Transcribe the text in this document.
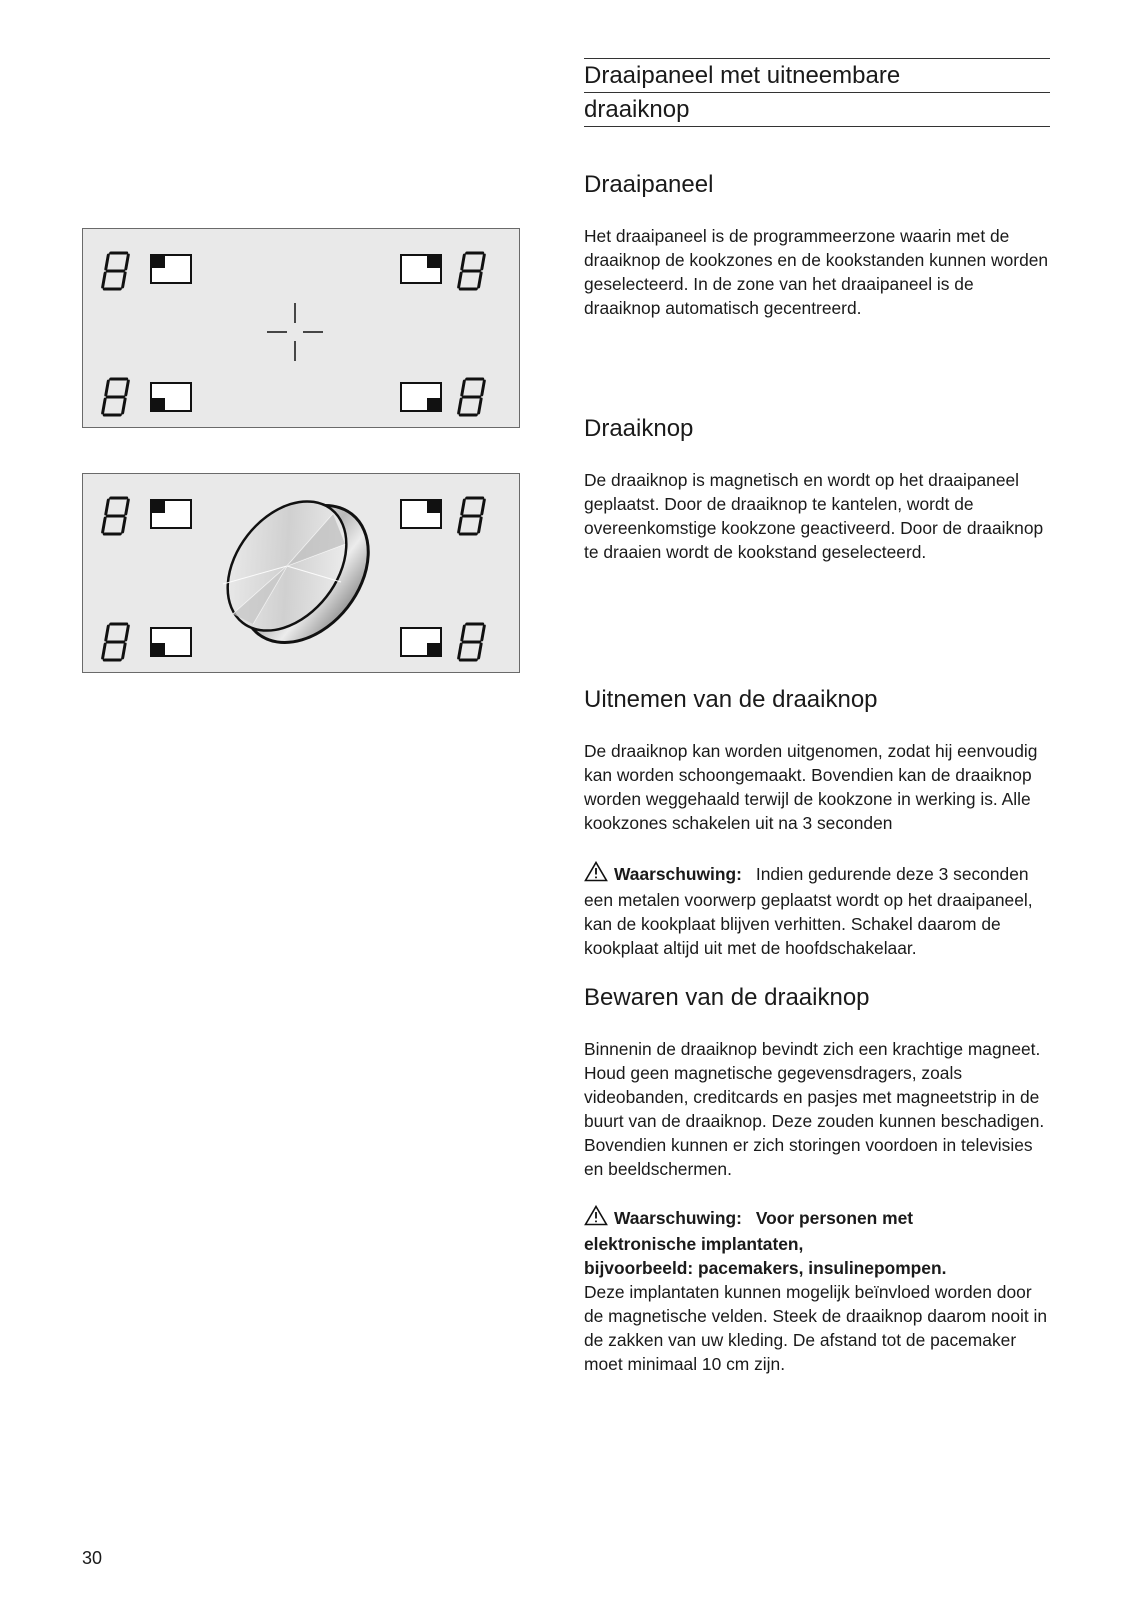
Draaipaneel met uitneembare
draaiknop
Draaipaneel

Het draaipaneel is de programmeerzone waarin met de draaiknop de kookzones en de kookstanden kunnen worden geselecteerd. In de zone van het draaipaneel is de draaiknop automatisch gecentreerd.

Draaiknop

De draaiknop is magnetisch en wordt op het draaipaneel geplaatst. Door de draaiknop te kantelen, wordt de overeenkomstige kookzone geactiveerd. Door de draaiknop te draaien wordt de kookstand geselecteerd.

Uitnemen van de draaiknop

De draaiknop kan worden uitgenomen, zodat hij eenvoudig kan worden schoongemaakt. Bovendien kan de draaiknop worden weggehaald terwijl de kookzone in werking is. Alle kookzones schakelen uit na 3 seconden

Waarschuwing: Indien gedurende deze 3 seconden een metalen voorwerp geplaatst wordt op het draaipaneel, kan de kookplaat blijven verhitten. Schakel daarom de kookplaat altijd uit met de hoofdschakelaar.

Bewaren van de draaiknop

Binnenin de draaiknop bevindt zich een krachtige magneet. Houd geen magnetische gegevensdragers, zoals videobanden, creditcards en pasjes met magneetstrip in de buurt van de draaiknop. Deze zouden kunnen beschadigen. Bovendien kunnen er zich storingen voordoen in televisies en beeldschermen.

Waarschuwing: Voor personen met
elektronische implantaten,
bijvoorbeeld: pacemakers, insulinepompen.
Deze implantaten kunnen mogelijk beïnvloed worden door de magnetische velden. Steek de draaiknop daarom nooit in de zakken van uw kleding. De afstand tot de pacemaker moet minimaal 10 cm zijn.
30
